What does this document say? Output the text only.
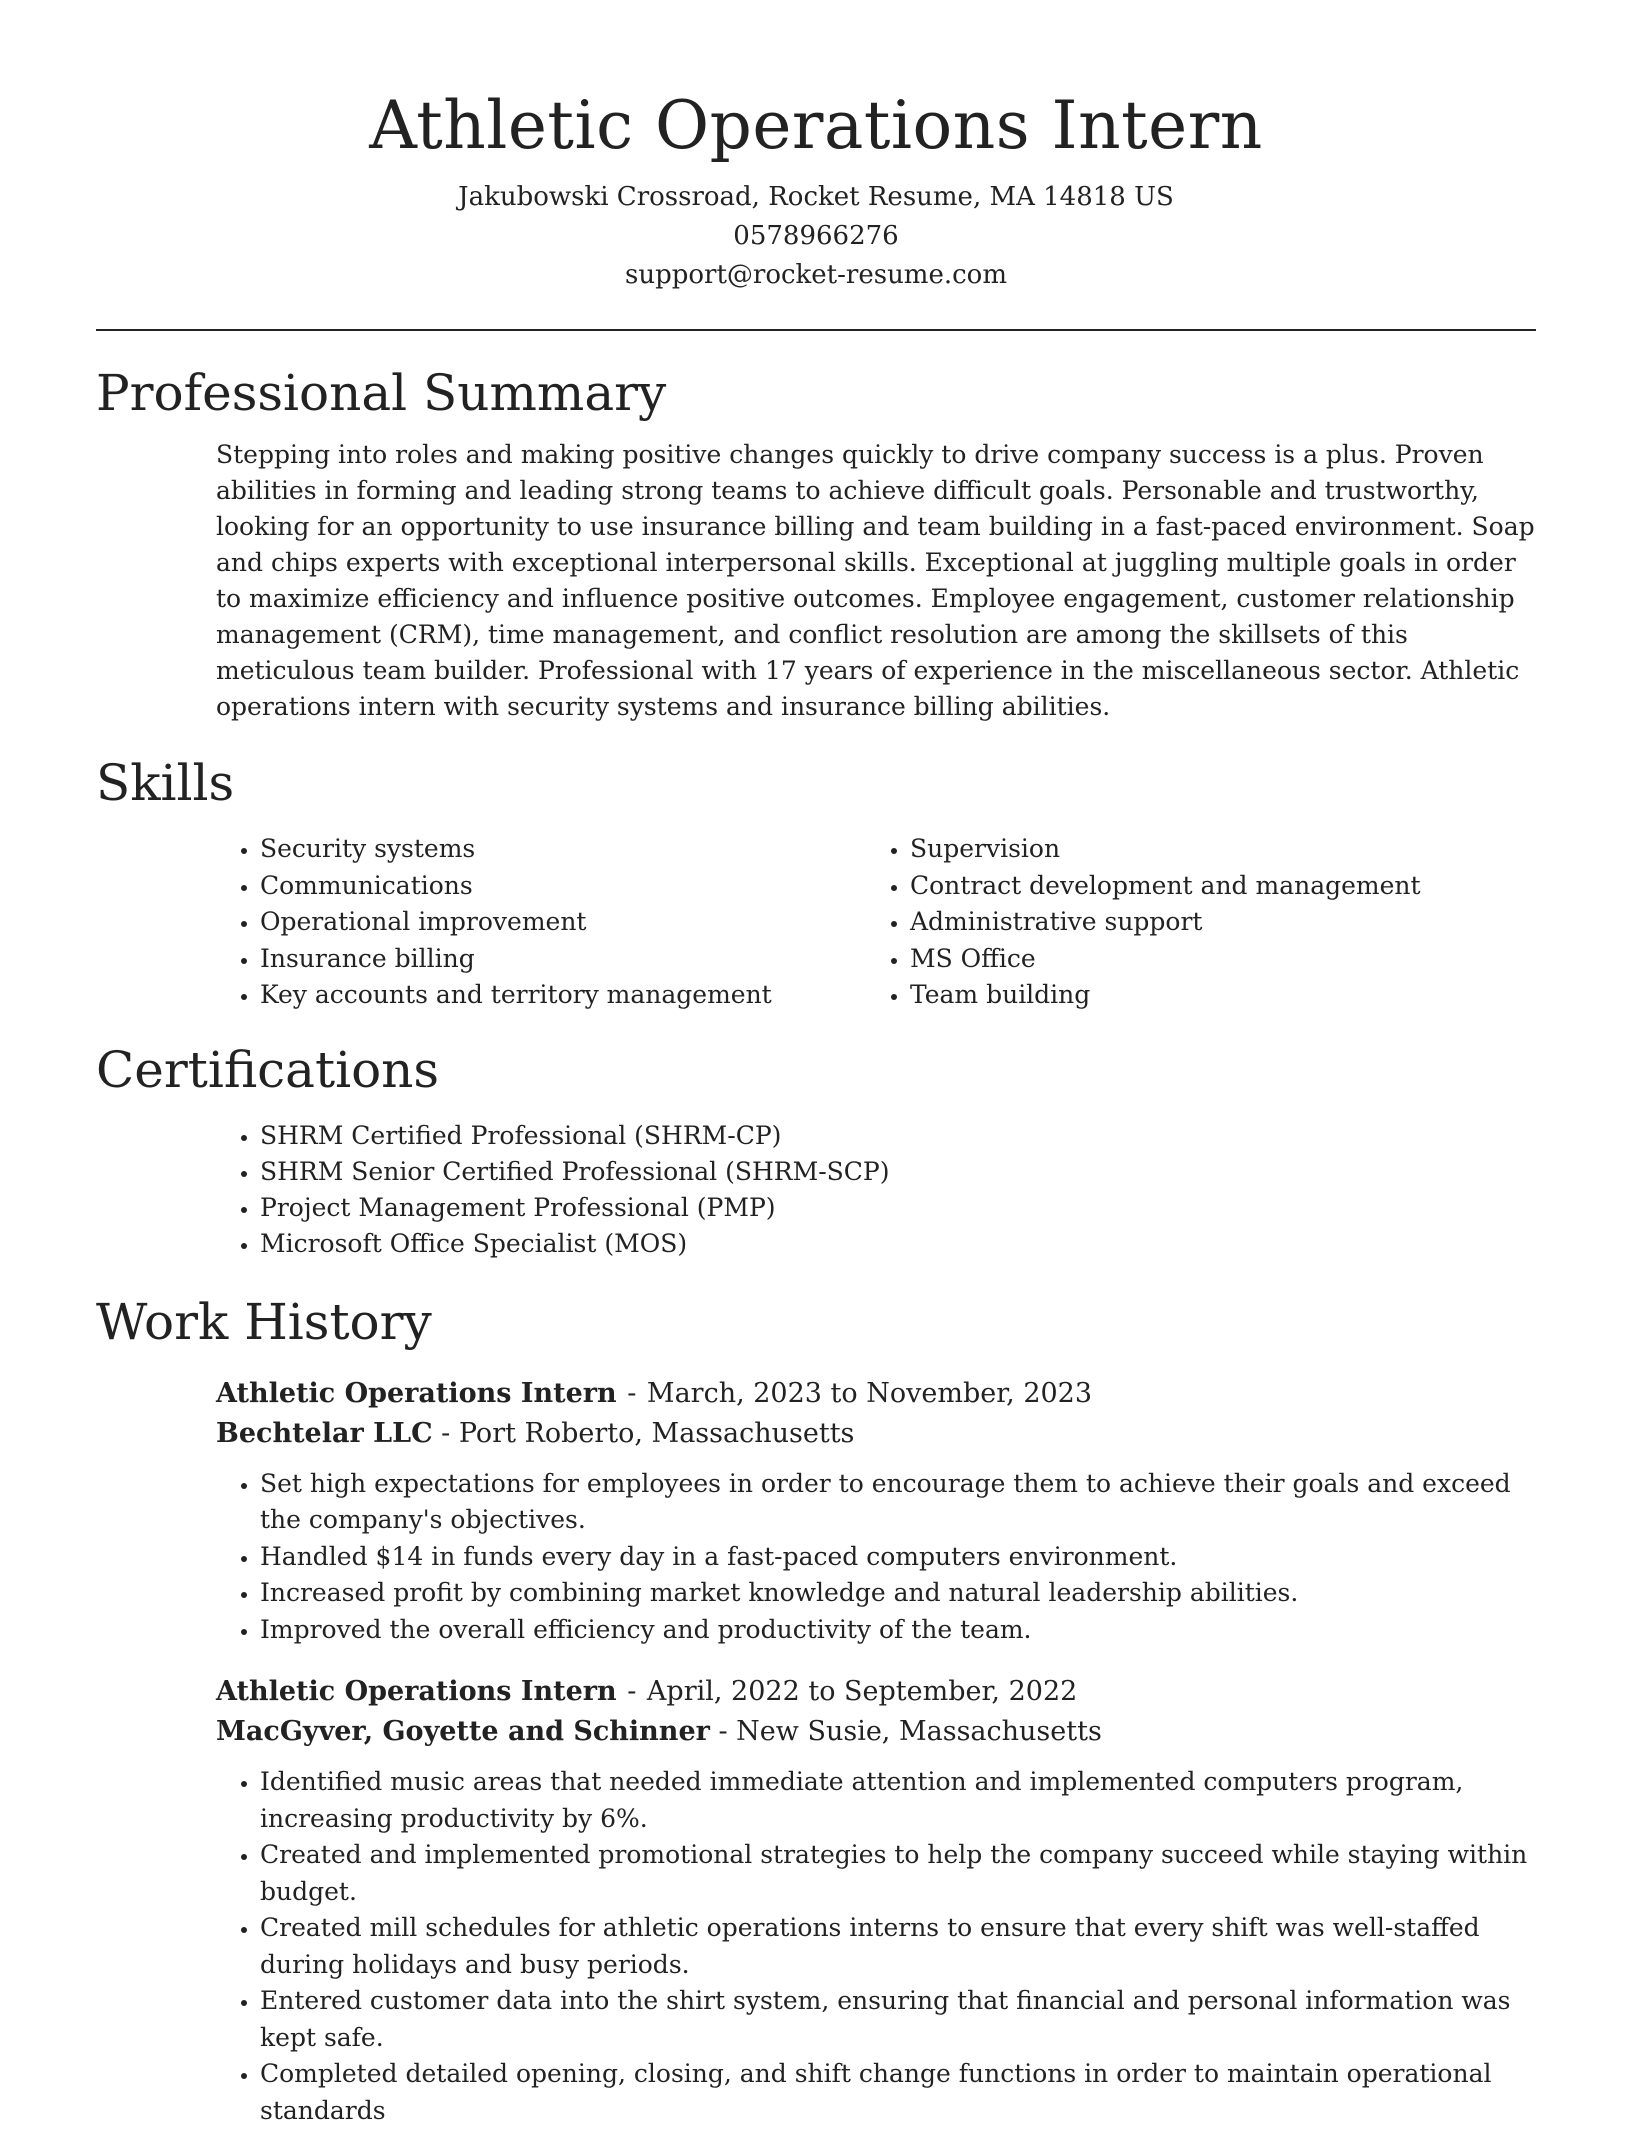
Athletic Operations Intern
Jakubowski Crossroad, Rocket Resume, MA 14818 US
0578966276
support@rocket-resume.com
Professional Summary
Stepping into roles and making positive changes quickly to drive company success is a plus. Proven abilities in forming and leading strong teams to achieve difficult goals. Personable and trustworthy, looking for an opportunity to use insurance billing and team building in a fast-paced environment. Soap and chips experts with exceptional interpersonal skills. Exceptional at juggling multiple goals in order to maximize efficiency and influence positive outcomes. Employee engagement, customer relationship management (CRM), time management, and conflict resolution are among the skillsets of this meticulous team builder. Professional with 17 years of experience in the miscellaneous sector. Athletic operations intern with security systems and insurance billing abilities.
Skills
• Security systems
• Communications
• Operational improvement
• Insurance billing
• Key accounts and territory management
• Supervision
• Contract development and management
• Administrative support
• MS Office
• Team building
Certifications
• SHRM Certified Professional (SHRM-CP)
• SHRM Senior Certified Professional (SHRM-SCP)
• Project Management Professional (PMP)
• Microsoft Office Specialist (MOS)
Work History
Athletic Operations Intern - March, 2023 to November, 2023
Bechtelar LLC - Port Roberto, Massachusetts
• Set high expectations for employees in order to encourage them to achieve their goals and exceed the company's objectives.
• Handled $14 in funds every day in a fast-paced computers environment.
• Increased profit by combining market knowledge and natural leadership abilities.
• Improved the overall efficiency and productivity of the team.
Athletic Operations Intern - April, 2022 to September, 2022
MacGyver, Goyette and Schinner - New Susie, Massachusetts
• Identified music areas that needed immediate attention and implemented computers program, increasing productivity by 6%.
• Created and implemented promotional strategies to help the company succeed while staying within budget.
• Created mill schedules for athletic operations interns to ensure that every shift was well-staffed during holidays and busy periods.
• Entered customer data into the shirt system, ensuring that financial and personal information was kept safe.
• Completed detailed opening, closing, and shift change functions in order to maintain operational standards
